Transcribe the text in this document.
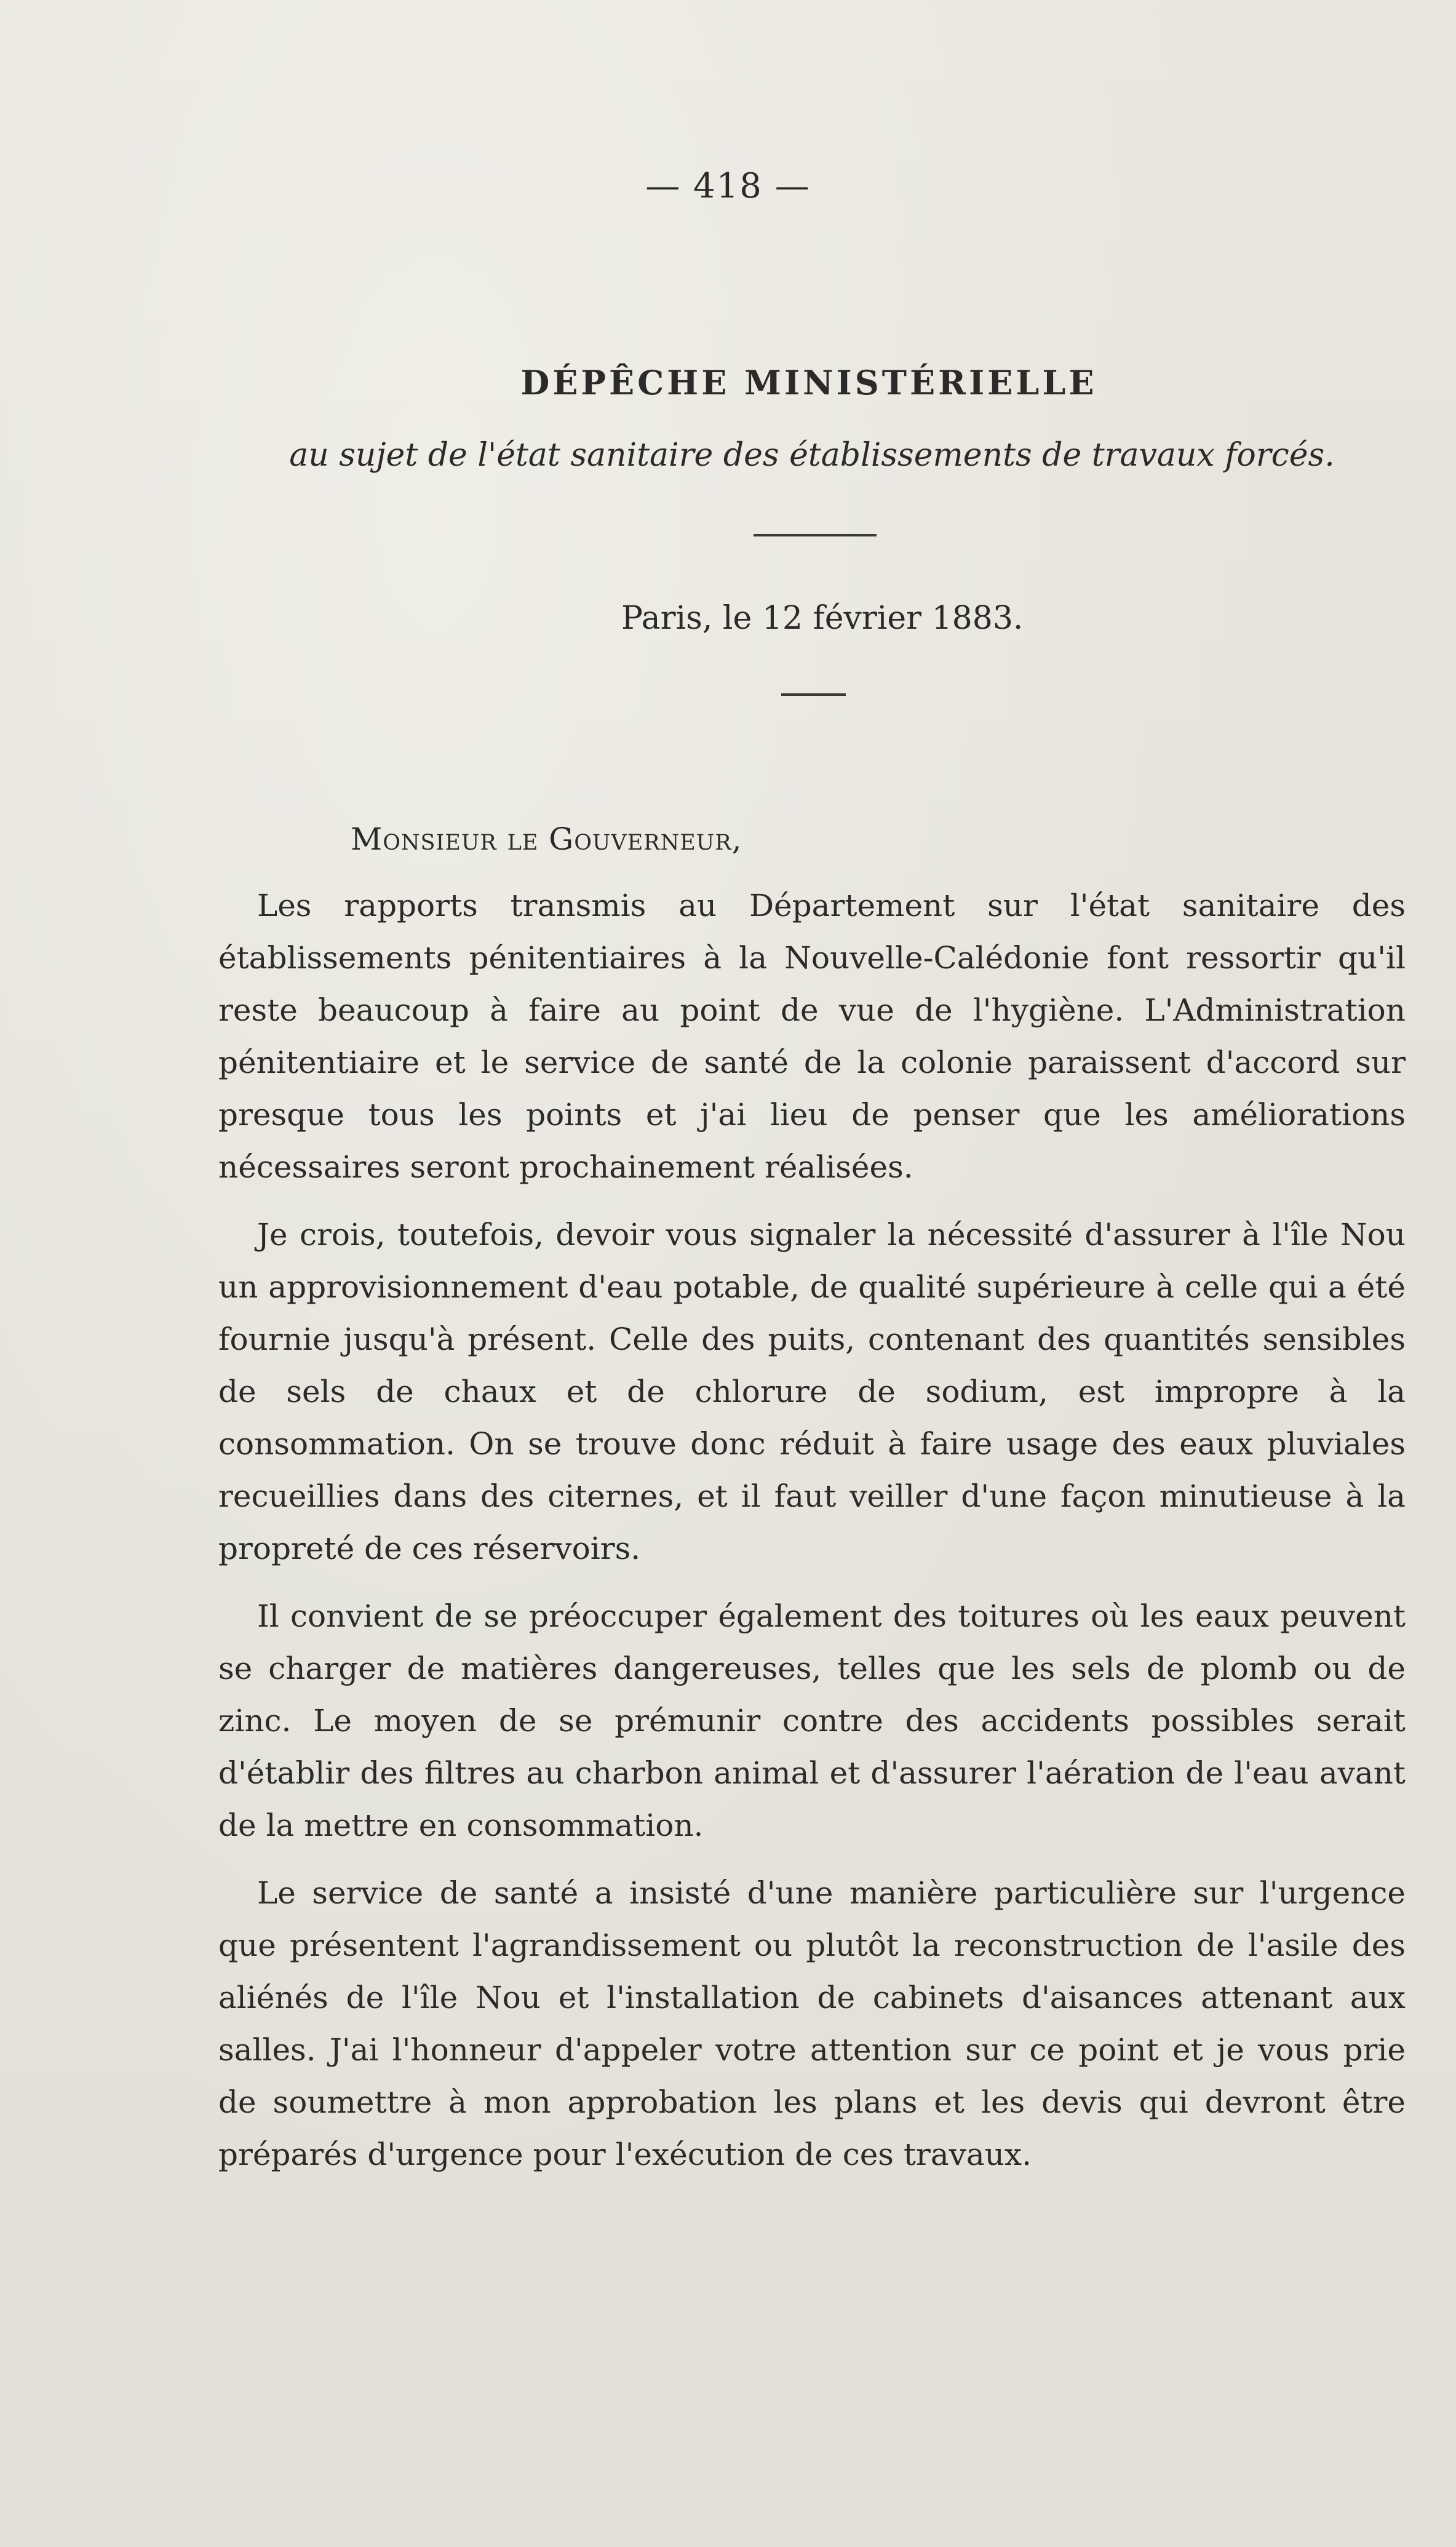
— 418 —
DÉPÊCHE MINISTÉRIELLE
au sujet de l'état sanitaire des établissements de travaux forcés.
Paris, le 12 février 1883.
Monsieur le Gouverneur,

Les rapports transmis au Département sur l'état sanitaire des établissements pénitentiaires à la Nouvelle-Calédonie font ressortir qu'il reste beaucoup à faire au point de vue de l'hygiène. L'Administration pénitentiaire et le service de santé de la colonie paraissent d'accord sur presque tous les points et j'ai lieu de penser que les améliorations nécessaires seront prochainement réalisées.

Je crois, toutefois, devoir vous signaler la nécessité d'assurer à l'île Nou un approvisionnement d'eau potable, de qualité supérieure à celle qui a été fournie jusqu'à présent. Celle des puits, contenant des quantités sensibles de sels de chaux et de chlorure de sodium, est impropre à la consommation. On se trouve donc réduit à faire usage des eaux pluviales recueillies dans des citernes, et il faut veiller d'une façon minutieuse à la propreté de ces réservoirs.

Il convient de se préoccuper également des toitures où les eaux peuvent se charger de matières dangereuses, telles que les sels de plomb ou de zinc. Le moyen de se prémunir contre des accidents possibles serait d'établir des filtres au charbon animal et d'assurer l'aération de l'eau avant de la mettre en consommation.

Le service de santé a insisté d'une manière particulière sur l'urgence que présentent l'agrandissement ou plutôt la reconstruction de l'asile des aliénés de l'île Nou et l'installation de cabinets d'aisances attenant aux salles. J'ai l'honneur d'appeler votre attention sur ce point et je vous prie de soumettre à mon approbation les plans et les devis qui devront être préparés d'urgence pour l'exécution de ces travaux.
